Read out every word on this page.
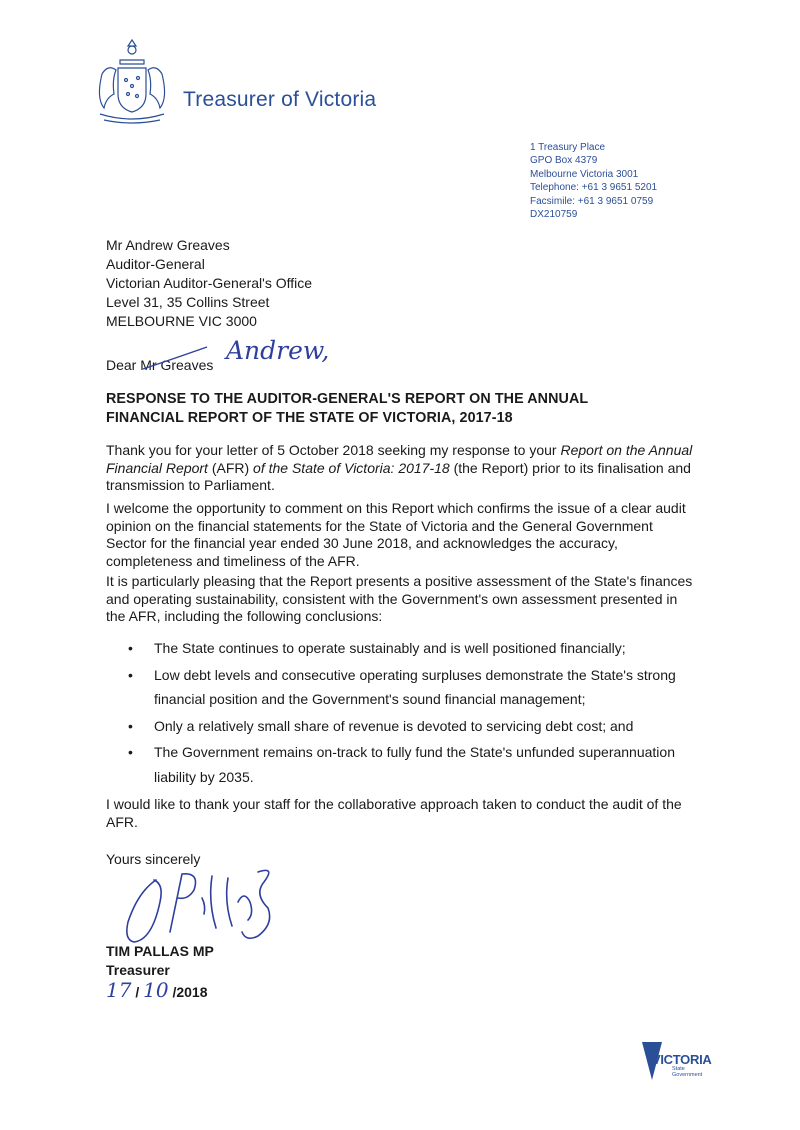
Treasurer of Victoria
1 Treasury Place
GPO Box 4379
Melbourne Victoria 3001
Telephone: +61 3 9651 5201
Facsimile: +61 3 9651 0759
DX210759
Mr Andrew Greaves
Auditor-General
Victorian Auditor-General's Office
Level 31, 35 Collins Street
MELBOURNE VIC 3000
Dear Mr Greaves Andrew,
RESPONSE TO THE AUDITOR-GENERAL'S REPORT ON THE ANNUAL
FINANCIAL REPORT OF THE STATE OF VICTORIA, 2017-18
Thank you for your letter of 5 October 2018 seeking my response to your Report on the Annual Financial Report (AFR) of the State of Victoria: 2017-18 (the Report) prior to its finalisation and transmission to Parliament.
I welcome the opportunity to comment on this Report which confirms the issue of a clear audit opinion on the financial statements for the State of Victoria and the General Government Sector for the financial year ended 30 June 2018, and acknowledges the accuracy, completeness and timeliness of the AFR.
It is particularly pleasing that the Report presents a positive assessment of the State's finances and operating sustainability, consistent with the Government's own assessment presented in the AFR, including the following conclusions:
• The State continues to operate sustainably and is well positioned financially;
• Low debt levels and consecutive operating surpluses demonstrate the State's strong financial position and the Government's sound financial management;
• Only a relatively small share of revenue is devoted to servicing debt cost; and
• The Government remains on-track to fully fund the State's unfunded superannuation liability by 2035.
I would like to thank your staff for the collaborative approach taken to conduct the audit of the AFR.
Yours sincerely
TIM PALLAS MP
Treasurer
17 / 10 /2018
VICTORIA
State
Government
